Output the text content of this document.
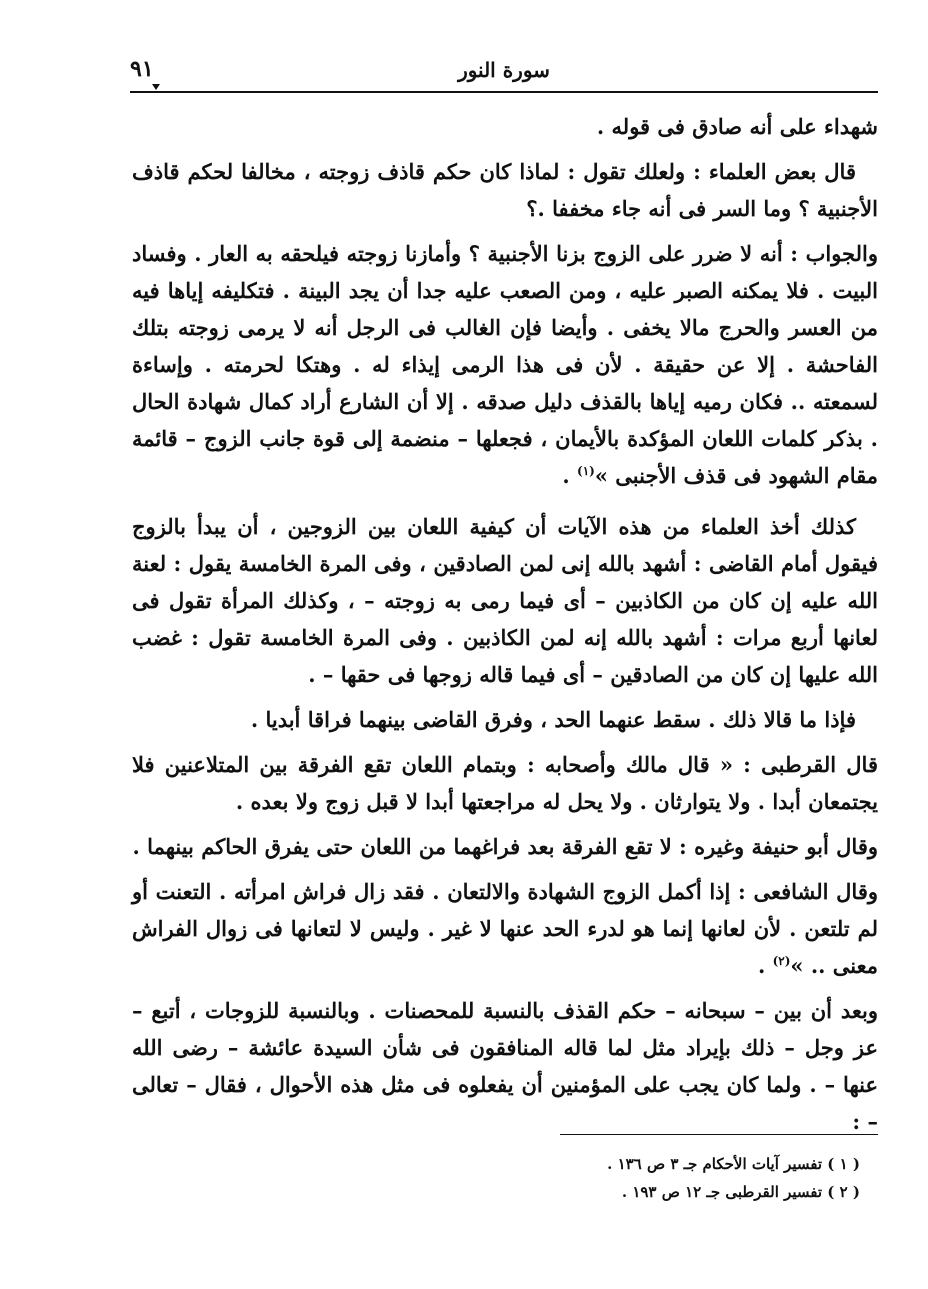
سورة النور
٩١

شهداء على أنه صادق فى قوله .

قال بعض العلماء : ولعلك تقول : لماذا كان حكم قاذف زوجته ، مخالفا لحكم قاذف الأجنبية ؟ وما السر فى أنه جاء مخففا .؟

والجواب : أنه لا ضرر على الزوج بزنا الأجنبية ؟ وأمازنا زوجته فيلحقه به العار . وفساد البيت . فلا يمكنه الصبر عليه ، ومن الصعب عليه جدا أن يجد البينة . فتكليفه إياها فيه من العسر والحرج مالا يخفى . وأيضا فإن الغالب فى الرجل أنه لا يرمى زوجته بتلك الفاحشة . إلا عن حقيقة . لأن فى هذا الرمى إيذاء له . وهتكا لحرمته . وإساءة لسمعته .. فكان رميه إياها بالقذف دليل صدقه . إلا أن الشارع أراد كمال شهادة الحال . بذكر كلمات اللعان المؤكدة بالأيمان ، فجعلها – منضمة إلى قوة جانب الزوج – قائمة مقام الشهود فى قذف الأجنبى »$^{(١)}$ .

كذلك أخذ العلماء من هذه الآيات أن كيفية اللعان بين الزوجين ، أن يبدأ بالزوج فيقول أمام القاضى : أشهد بالله إنى لمن الصادقين ، وفى المرة الخامسة يقول : لعنة الله عليه إن كان من الكاذبين – أى فيما رمى به زوجته – ، وكذلك المرأة تقول فى لعانها أربع مرات : أشهد بالله إنه لمن الكاذبين . وفى المرة الخامسة تقول : غضب الله عليها إن كان من الصادقين – أى فيما قاله زوجها فى حقها – .

فإذا ما قالا ذلك . سقط عنهما الحد ، وفرق القاضى بينهما فراقا أبديا .

قال القرطبى : « قال مالك وأصحابه : وبتمام اللعان تقع الفرقة بين المتلاعنين فلا يجتمعان أبدا . ولا يتوارثان . ولا يحل له مراجعتها أبدا لا قبل زوج ولا بعده .

وقال أبو حنيفة وغيره : لا تقع الفرقة بعد فراغهما من اللعان حتى يفرق الحاكم بينهما .

وقال الشافعى : إذا أكمل الزوج الشهادة والالتعان . فقد زال فراش امرأته . التعنت أو لم تلتعن . لأن لعانها إنما هو لدرء الحد عنها لا غير . وليس لا لتعانها فى زوال الفراش معنى .. »$^{(٢)}$ .

وبعد أن بين – سبحانه – حكم القذف بالنسبة للمحصنات . وبالنسبة للزوجات ، أتبع – عز وجل – ذلك بإيراد مثل لما قاله المنافقون فى شأن السيدة عائشة – رضى الله عنها – . ولما كان يجب على المؤمنين أن يفعلوه فى مثل هذه الأحوال ، فقال – تعالى – :

( ١ ) تفسير آيات الأحكام جـ ٣ ص ١٣٦ .
( ٢ ) تفسير القرطبى جـ ١٢ ص ١٩٣ .
